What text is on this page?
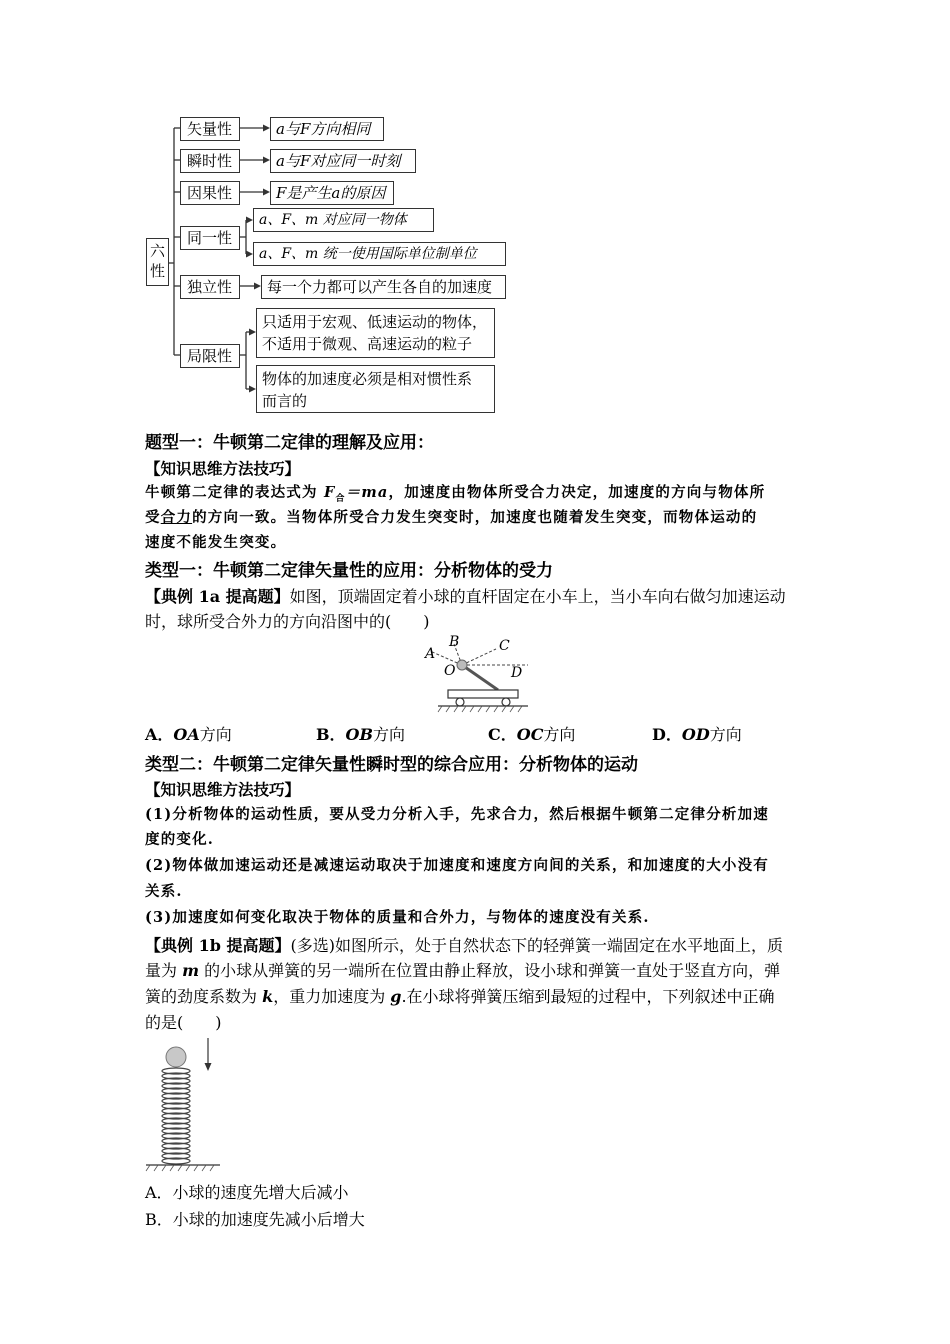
六性
矢量性
瞬时性
因果性
同一性
独立性
局限性
a与F方向相同
a与F对应同一时刻
F是产生a的原因
a、F、m 对应同一物体
a、F、m 统一使用国际单位制单位
每一个力都可以产生各自的加速度
只适用于宏观、低速运动的物体，
不适用于微观、高速运动的粒子
物体的加速度必须是相对惯性系
而言的
题型一：牛顿第二定律的理解及应用：
【知识思维方法技巧】
牛顿第二定律的表达式为 $F_合=ma$，加速度由物体所受合力决定，加速度的方向与物体所
受合力的方向一致。当物体所受合力发生突变时，加速度也随着发生突变，而物体运动的
速度不能发生突变。
类型一：牛顿第二定律矢量性的应用：分析物体的受力
【典例 1a 提高题】如图，顶端固定着小球的直杆固定在小车上，当小车向右做匀加速运动
时，球所受合外力的方向沿图中的(　　)
A
B	C
O	D
A．OA方向	B．OB方向	C．OC方向	D．OD方向
类型二：牛顿第二定律矢量性瞬时型的综合应用：分析物体的运动
【知识思维方法技巧】
(1)分析物体的运动性质，要从受力分析入手，先求合力，然后根据牛顿第二定律分析加速
度的变化.
(2)物体做加速运动还是减速运动取决于加速度和速度方向间的关系，和加速度的大小没有
关系.
(3)加速度如何变化取决于物体的质量和合外力，与物体的速度没有关系.
【典例 1b 提高题】(多选)如图所示，处于自然状态下的轻弹簧一端固定在水平地面上，质
量为 m 的小球从弹簧的另一端所在位置由静止释放，设小球和弹簧一直处于竖直方向，弹
簧的劲度系数为 k，重力加速度为 g.在小球将弹簧压缩到最短的过程中，下列叙述中正确
的是(　　)
A．小球的速度先增大后减小
B．小球的加速度先减小后增大
